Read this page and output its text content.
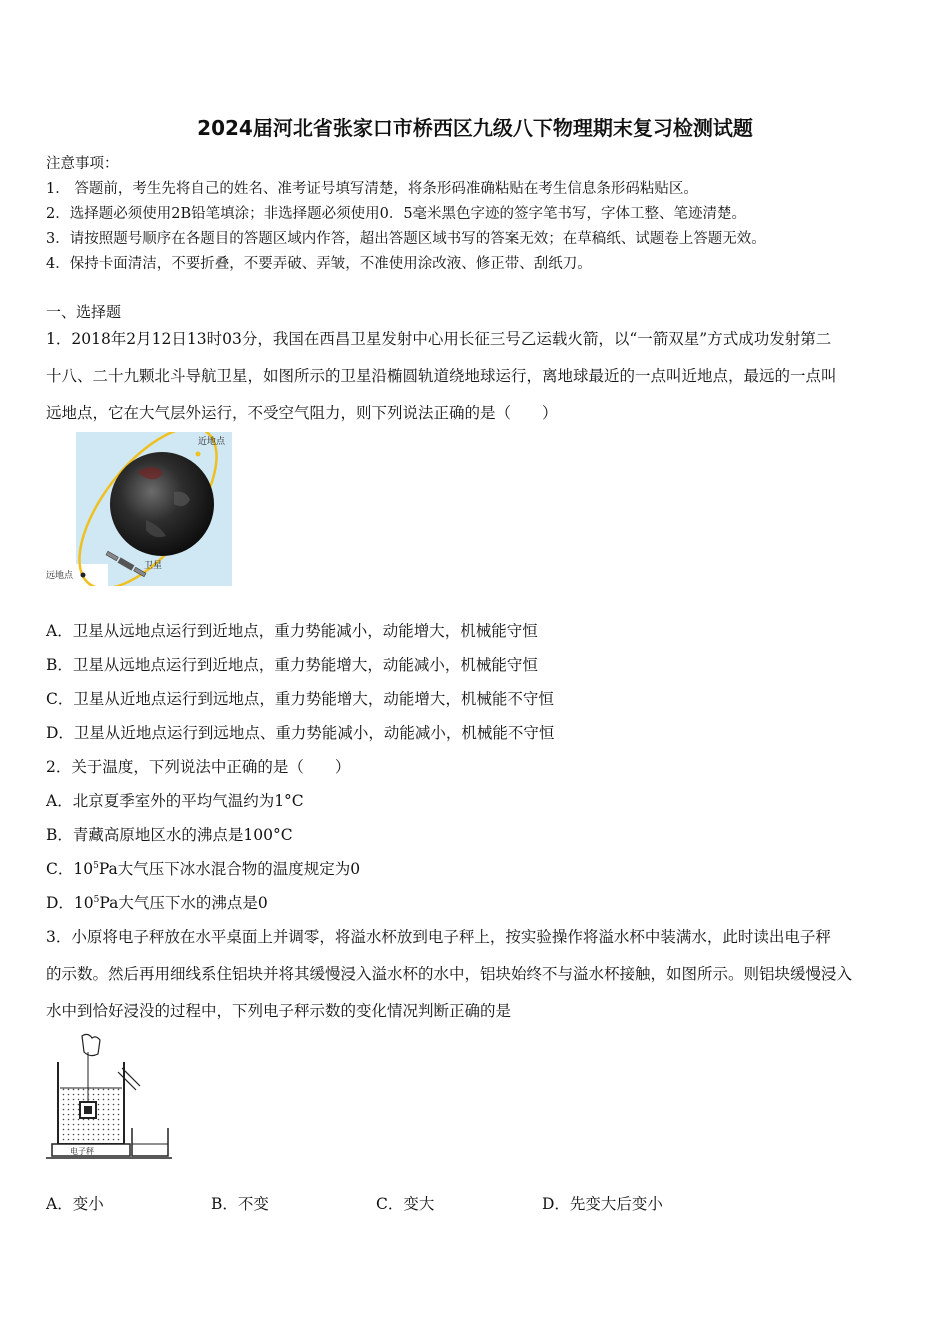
2024届河北省张家口市桥西区九级八下物理期末复习检测试题
注意事项：
1． 答题前，考生先将自己的姓名、准考证号填写清楚，将条形码准确粘贴在考生信息条形码粘贴区。
2．选择题必须使用2B铅笔填涂；非选择题必须使用0．5毫米黑色字迹的签字笔书写，字体工整、笔迹清楚。
3．请按照题号顺序在各题目的答题区域内作答，超出答题区域书写的答案无效；在草稿纸、试题卷上答题无效。
4．保持卡面清洁，不要折叠，不要弄破、弄皱，不准使用涂改液、修正带、刮纸刀。
一、选择题
1．2018年2月12日13时03分，我国在西昌卫星发射中心用长征三号乙运载火箭，以“一箭双星”方式成功发射第二
十八、二十九颗北斗导航卫星，如图所示的卫星沿椭圆轨道绕地球运行，离地球最近的一点叫近地点，最远的一点叫
远地点，它在大气层外运行，不受空气阻力，则下列说法正确的是（　　）
近地点
远地点
卫星
A．卫星从远地点运行到近地点，重力势能减小，动能增大，机械能守恒
B．卫星从远地点运行到近地点，重力势能增大，动能减小，机械能守恒
C．卫星从近地点运行到远地点，重力势能增大，动能增大，机械能不守恒
D．卫星从近地点运行到远地点、重力势能减小，动能减小，机械能不守恒
2．关于温度，下列说法中正确的是（　　）
A．北京夏季室外的平均气温约为1°C
B．青藏高原地区水的沸点是100°C
C．$10^5Pa$大气压下冰水混合物的温度规定为0
D．$10^5Pa$大气压下水的沸点是0
3．小原将电子秤放在水平桌面上并调零，将溢水杯放到电子秤上，按实验操作将溢水杯中装满水，此时读出电子秤
的示数。然后再用细线系住铝块并将其缓慢浸入溢水杯的水中，铝块始终不与溢水杯接触，如图所示。则铝块缓慢浸入
水中到恰好浸没的过程中，下列电子秤示数的变化情况判断正确的是
电子秤
A．变小	B．不变	C．变大	D．先变大后变小
